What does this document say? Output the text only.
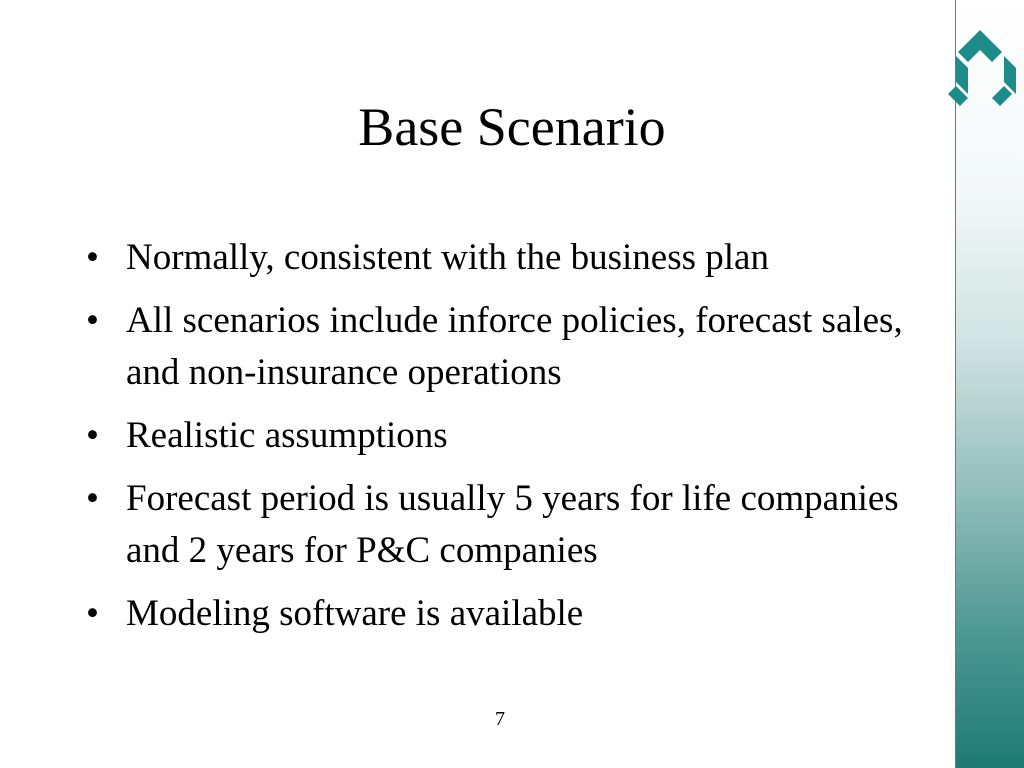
Base Scenario
• Normally, consistent with the business plan
• All scenarios include inforce policies, forecast sales, and non-insurance operations
• Realistic assumptions
• Forecast period is usually 5 years for life companies and 2 years for P&C companies
• Modeling software is available
7
